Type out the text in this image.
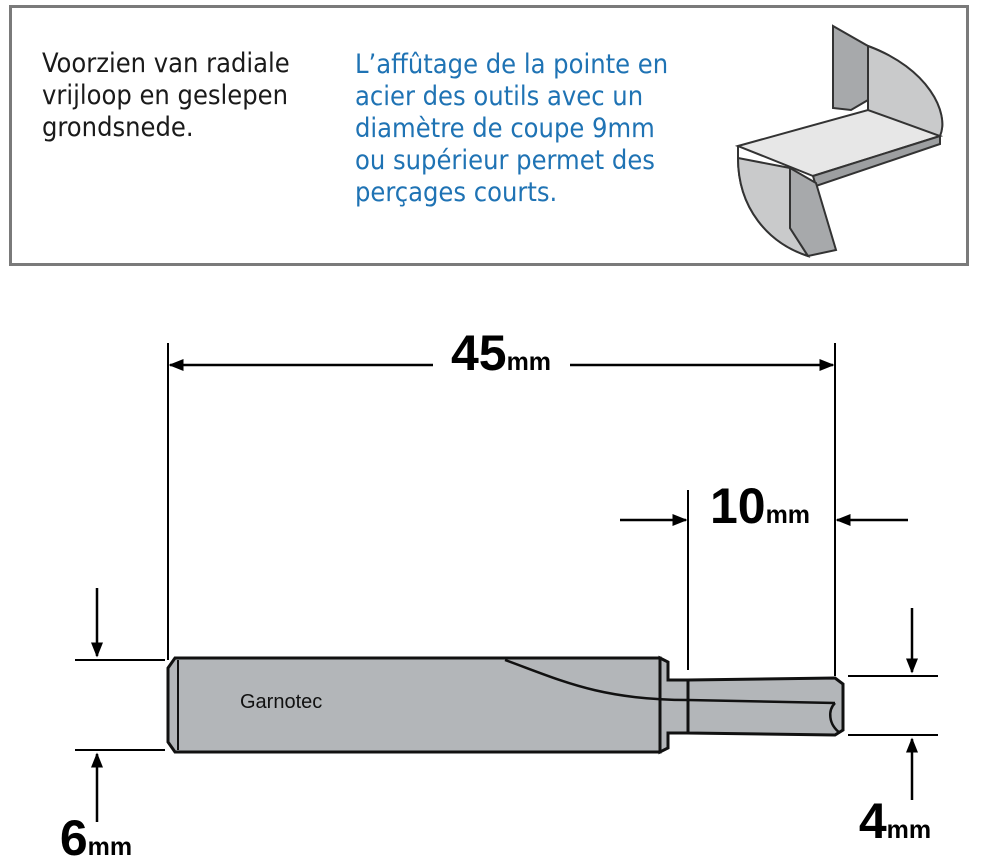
Voorzien van radiale
vrijloop en geslepen
grondsnede.
L’affûtage de la pointe en
acier des outils avec un
diamètre de coupe 9mm
ou supérieur permet des
perçages courts.
45mm
10mm
6mm	4mm
Garnotec
